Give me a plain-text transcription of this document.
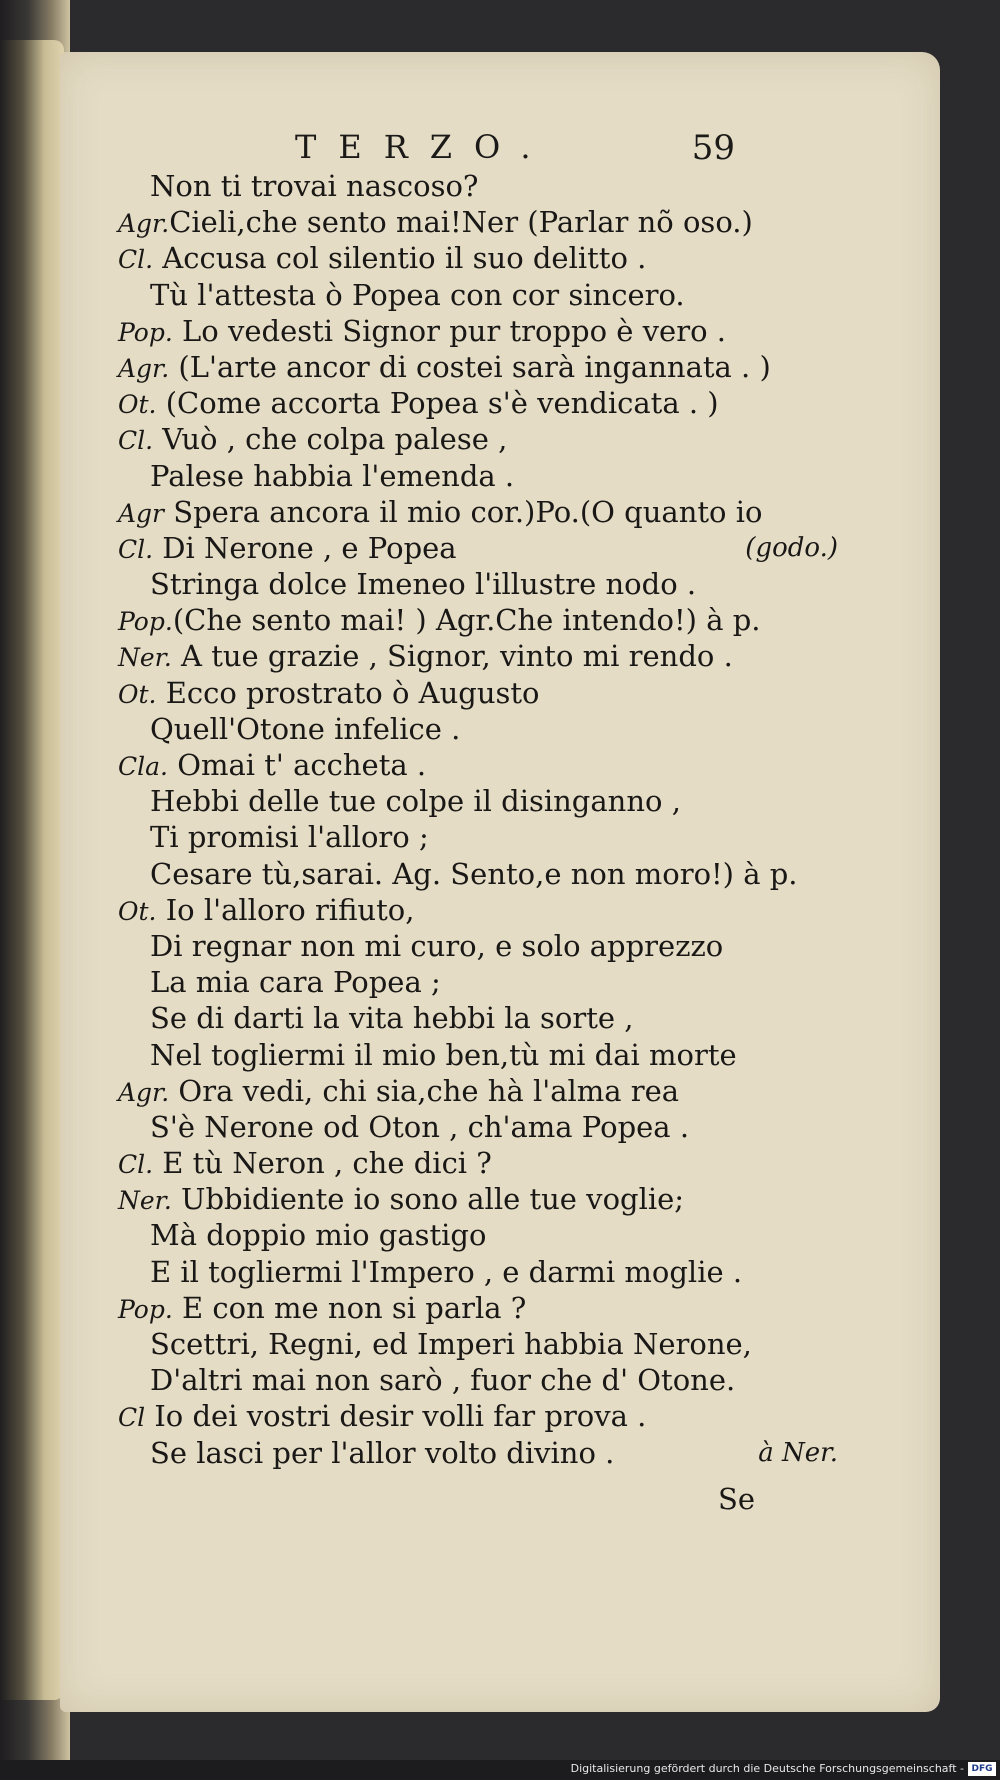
TERZO.	59
Non ti trovai nascoso?
Agr.Cieli,che sento mai!Ner (Parlar nõ oso.)
Cl. Accusa col silentio il suo delitto .
Tù l'attesta ò Popea con cor sincero.
Pop. Lo vedesti Signor pur troppo è vero .
Agr. (L'arte ancor di costei sarà ingannata . )
Ot. (Come accorta Popea s'è vendicata . )
Cl. Vuò , che colpa palese ,
Palese habbia l'emenda .
Agr Spera ancora il mio cor.)Po.(O quanto io
Cl. Di Nerone , e Popea	(godo.)
Stringa dolce Imeneo l'illustre nodo .
Pop.(Che sento mai! ) Agr.Che intendo!) à p.
Ner. A tue grazie , Signor, vinto mi rendo .
Ot. Ecco prostrato ò Augusto
Quell'Otone infelice .
Cla. Omai t' accheta .
Hebbi delle tue colpe il disinganno ,
Ti promisi l'alloro ;
Cesare tù,sarai. Ag. Sento,e non moro!) à p.
Ot. Io l'alloro rifiuto,
Di regnar non mi curo, e solo apprezzo
La mia cara Popea ;
Se di darti la vita hebbi la sorte ,
Nel togliermi il mio ben,tù mi dai morte
Agr. Ora vedi, chi sia,che hà l'alma rea
S'è Nerone od Oton , ch'ama Popea .
Cl. E tù Neron , che dici ?
Ner. Ubbidiente io sono alle tue voglie;
Mà doppio mio gastigo
E il togliermi l'Impero , e darmi moglie .
Pop. E con me non si parla ?
Scettri, Regni, ed Imperi habbia Nerone,
D'altri mai non sarò , fuor che d' Otone.
Cl Io dei vostri desir volli far prova .
Se lasci per l'allor volto divino .	à Ner.
Se
Digitalisierung gefördert durch die Deutsche Forschungsgemeinschaft - DFG
